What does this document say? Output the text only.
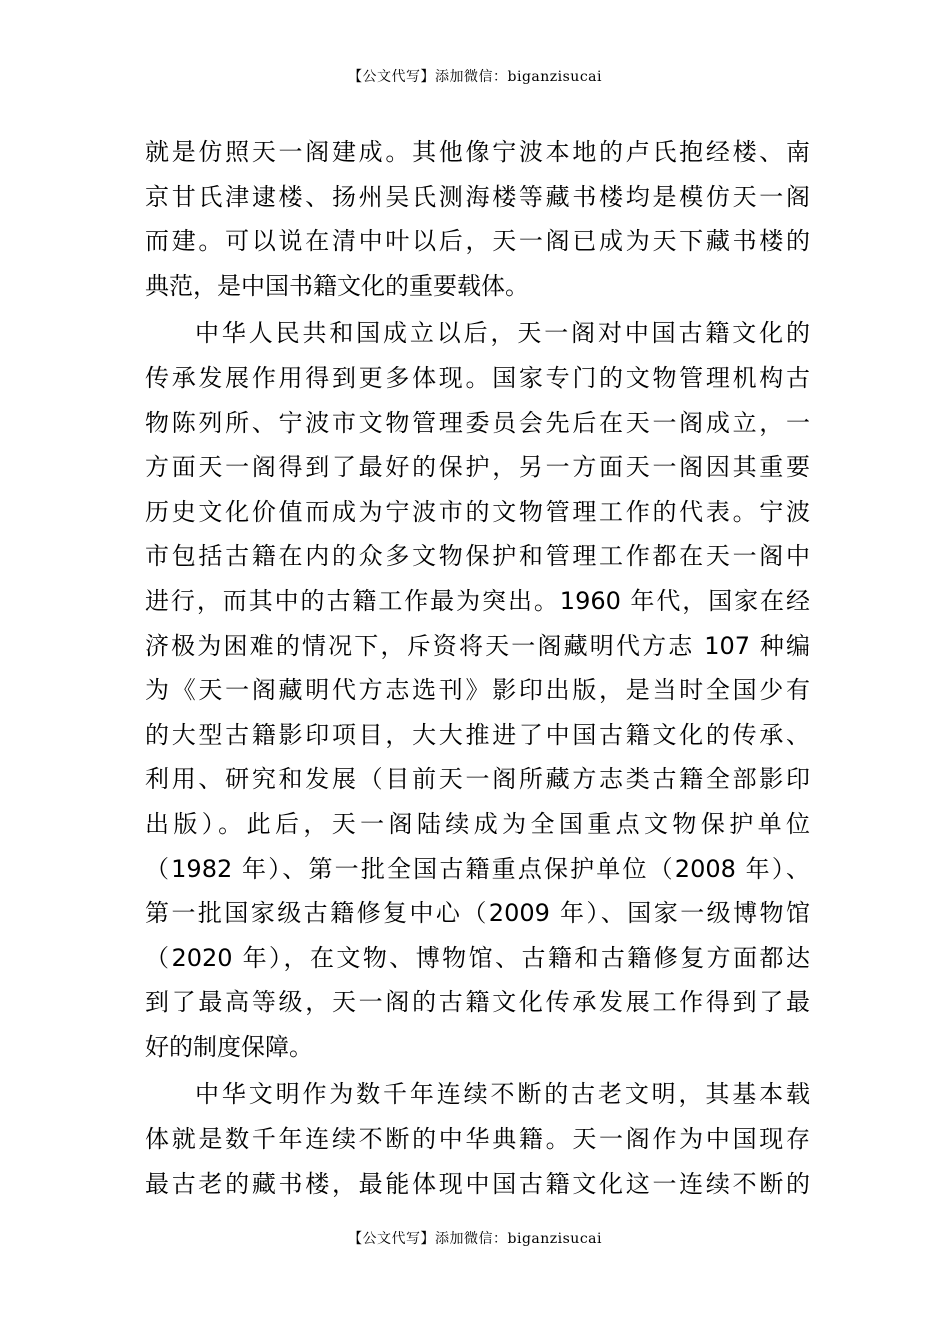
【公文代写】添加微信：biganzisucai
就是仿照天一阁建成。其他像宁波本地的卢氏抱经楼、南
京甘氏津逮楼、扬州吴氏测海楼等藏书楼均是模仿天一阁
而建。可以说在清中叶以后，天一阁已成为天下藏书楼的
典范，是中国书籍文化的重要载体。
中华人民共和国成立以后，天一阁对中国古籍文化的
传承发展作用得到更多体现。国家专门的文物管理机构古
物陈列所、宁波市文物管理委员会先后在天一阁成立，一
方面天一阁得到了最好的保护，另一方面天一阁因其重要
历史文化价值而成为宁波市的文物管理工作的代表。宁波
市包括古籍在内的众多文物保护和管理工作都在天一阁中
进行，而其中的古籍工作最为突出。1960 年代，国家在经
济极为困难的情况下，斥资将天一阁藏明代方志 107 种编
为《天一阁藏明代方志选刊》影印出版，是当时全国少有
的大型古籍影印项目，大大推进了中国古籍文化的传承、
利用、研究和发展（目前天一阁所藏方志类古籍全部影印
出版）。此后，天一阁陆续成为全国重点文物保护单位
（1982 年）、第一批全国古籍重点保护单位（2008 年）、
第一批国家级古籍修复中心（2009 年）、国家一级博物馆
（2020 年），在文物、博物馆、古籍和古籍修复方面都达
到了最高等级，天一阁的古籍文化传承发展工作得到了最
好的制度保障。
中华文明作为数千年连续不断的古老文明，其基本载
体就是数千年连续不断的中华典籍。天一阁作为中国现存
最古老的藏书楼，最能体现中国古籍文化这一连续不断的
【公文代写】添加微信：biganzisucai
